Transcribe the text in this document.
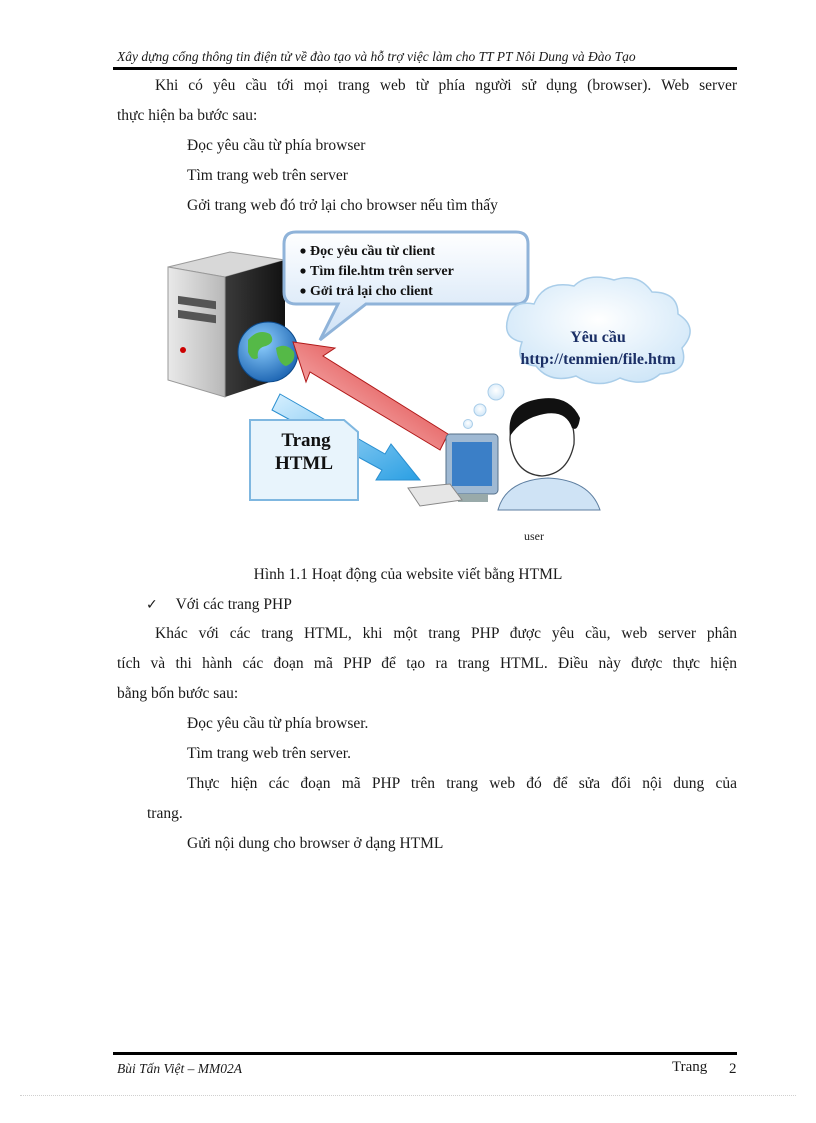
Xây dựng cổng thông tin điện tử về đào tạo và hỗ trợ việc làm cho TT PT Nôi Dung và Đào Tạo
Khi có yêu cầu tới mọi trang web từ phía người sử dụng (browser). Web server
thực hiện ba bước sau:
Đọc yêu cầu từ phía browser
Tìm trang web trên server
Gởi trang web đó trở lại cho browser nếu tìm thấy
Đọc yêu cầu từ client
Tìm file.htm trên server
Gởi trả lại cho client
Yêu cầu
http://tenmien/file.htm
Trang
HTML
user
Hình 1.1 Hoạt động của website viết bằng HTML
✓ Với các trang PHP
Khác với các trang HTML, khi một trang PHP được yêu cầu, web server phân
tích và thi hành các đoạn mã PHP để tạo ra trang HTML. Điều này được thực hiện
bằng bốn bước sau:
Đọc yêu cầu từ phía browser.
Tìm trang web trên server.
Thực hiện các đoạn mã PHP trên trang web đó để sửa đổi nội dung của
trang.
Gửi nội dung cho browser ở dạng HTML
Bùi Tấn Việt – MM02A	Trang 2
